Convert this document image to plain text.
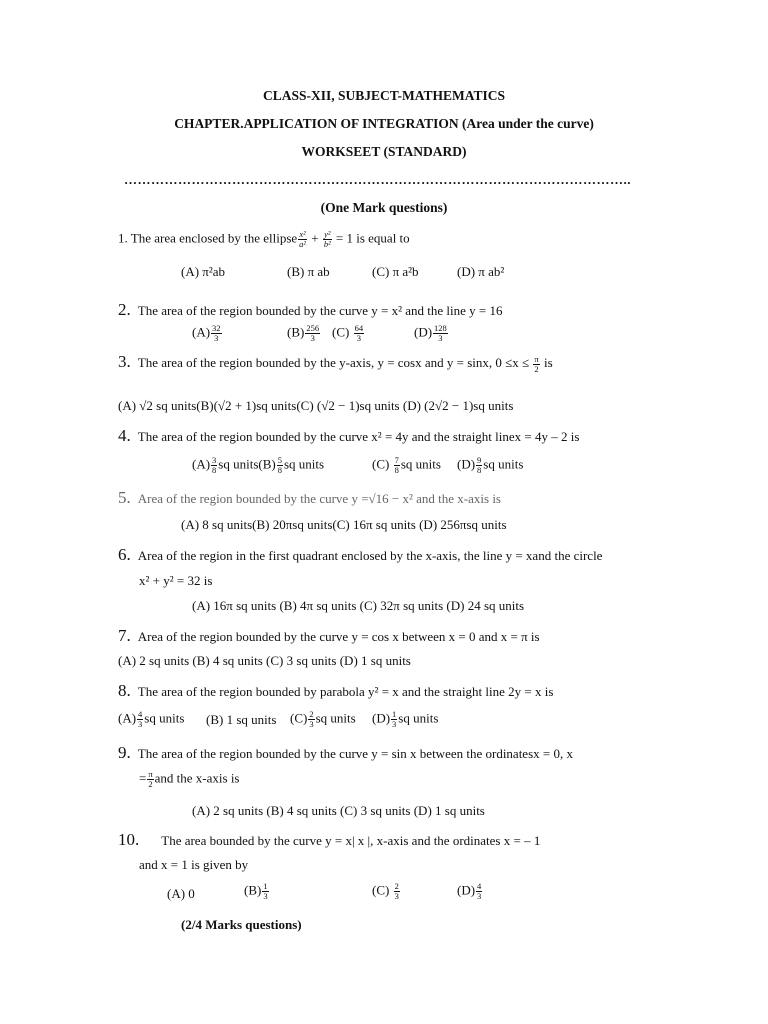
CLASS-XII, SUBJECT-MATHEMATICS
CHAPTER.APPLICATION OF INTEGRATION (Area under the curve)
WORKSEET (STANDARD)
…………………………………………………………………………………………………..
(One Mark questions)
1. The area enclosed by the ellipse $\frac{\text{x²}}{\text{a²}} + \frac{\text{y²}}{\text{b²}} = 1$ is equal to
(A) π²ab	(B) π ab	(C) π a²b	(D) π ab²
2. The area of the region bounded by the curve y = x² and the line y = 16
$(A) \frac{32}{3}$	$(B) \frac{256}{3} (C) \frac{64}{3}$	$(D) \frac{128}{3}$
3. The area of the region bounded by the y-axis, y = cosx and y = sinx, $0 \le x \le \frac{\pi}{2}$ is
(A) √2 sq units(B)(√2 + 1)sq units(C) (√2 − 1)sq units (D) (2√2 − 1)sq units
4. The area of the region bounded by the curve x² = 4y and the straight linex = 4y – 2 is
$(A) \frac{3}{8}$ sq units(B) $\frac{5}{8}$ sq units	$(C) \frac{7}{8}$ sq units $(D) \frac{9}{8}$ sq units
5. Area of the region bounded by the curve y =√16 − x² and the x-axis is
(A) 8 sq units(B) 20πsq units(C) 16π sq units (D) 256πsq units
6. Area of the region in the first quadrant enclosed by the x-axis, the line y = xand the circle
x² + y² = 32 is
(A) 16π sq units (B) 4π sq units (C) 32π sq units (D) 24 sq units
7. Area of the region bounded by the curve y = cos x between x = 0 and x = π is
(A) 2 sq units (B) 4 sq units (C) 3 sq units (D) 1 sq units
8. The area of the region bounded by parabola y² = x and the straight line 2y = x is
$(A) \frac{4}{3}$ sq units (B) 1 sq units $(C) \frac{2}{3}$ sq units $(D) \frac{1}{3}$ sq units
9. The area of the region bounded by the curve y = sin x between the ordinatesx = 0, x
= $\frac{\pi}{2}$ and the x-axis is
(A) 2 sq units (B) 4 sq units (C) 3 sq units (D) 1 sq units
10. The area bounded by the curve y = x| x |, x-axis and the ordinates x = – 1
and x = 1 is given by
(A) 0	$(B) \frac{1}{3}$	$(C) \frac{2}{3}$	$(D) \frac{4}{3}$
(2/4 Marks questions)
